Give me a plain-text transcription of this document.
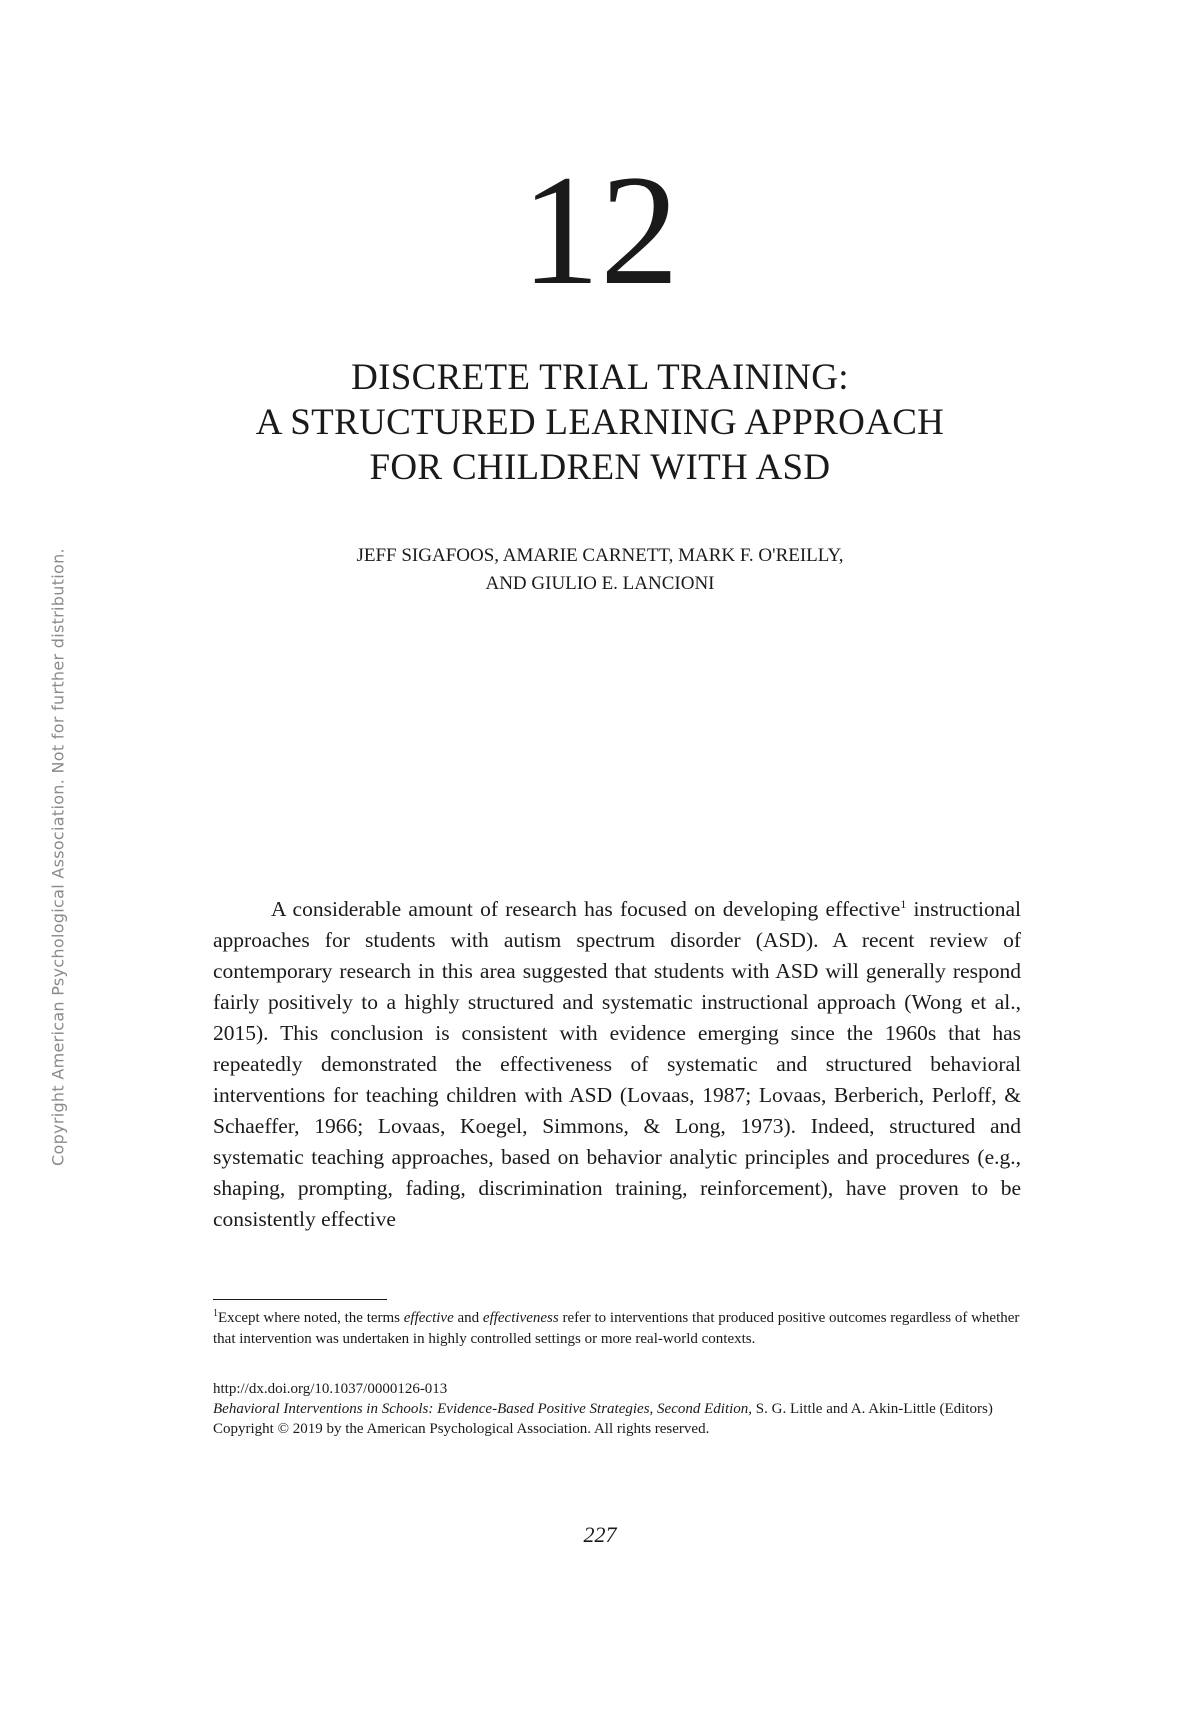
Copyright American Psychological Association. Not for further distribution.
12
DISCRETE TRIAL TRAINING:
A STRUCTURED LEARNING APPROACH
FOR CHILDREN WITH ASD
JEFF SIGAFOOS, AMARIE CARNETT, MARK F. O'REILLY,
AND GIULIO E. LANCIONI

A considerable amount of research has focused on developing effective$^1$ instructional approaches for students with autism spectrum disorder (ASD). A recent review of contemporary research in this area suggested that students with ASD will generally respond fairly positively to a highly structured and systematic instructional approach (Wong et al., 2015). This conclusion is consistent with evidence emerging since the 1960s that has repeatedly demonstrated the effectiveness of systematic and structured behavioral interventions for teaching children with ASD (Lovaas, 1987; Lovaas, Berberich, Perloff, & Schaeffer, 1966; Lovaas, Koegel, Simmons, & Long, 1973). Indeed, structured and systematic teaching approaches, based on behavior analytic principles and procedures (e.g., shaping, prompting, fading, discrimination training, reinforcement), have proven to be consistently effective

$^1$Except where noted, the terms effective and effectiveness refer to interventions that produced positive outcomes regardless of whether that intervention was undertaken in highly controlled settings or more real-world contexts.

http://dx.doi.org/10.1037/0000126-013
Behavioral Interventions in Schools: Evidence-Based Positive Strategies, Second Edition, S. G. Little and A. Akin-Little (Editors)
Copyright © 2019 by the American Psychological Association. All rights reserved.
227
